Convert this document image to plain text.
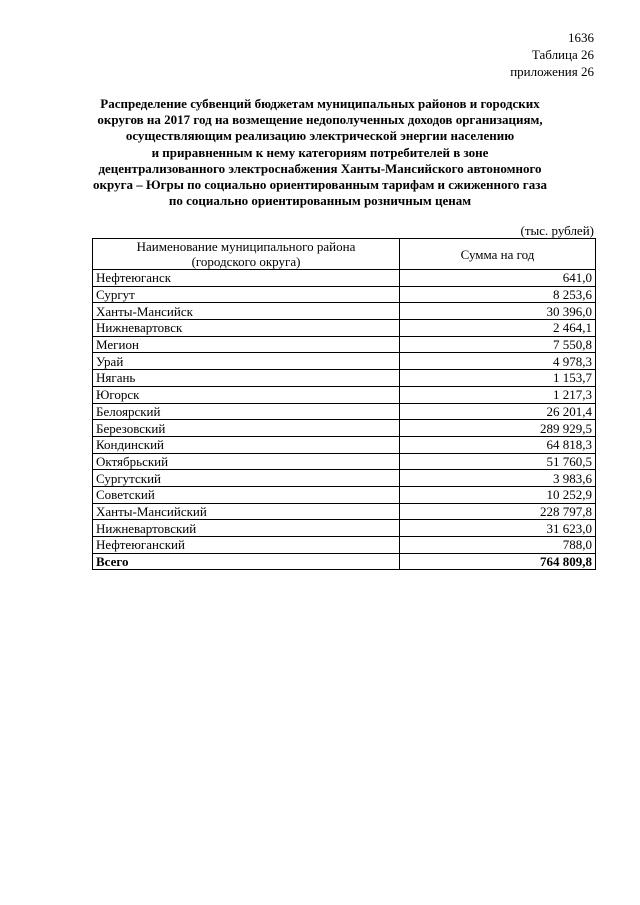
1636
Таблица 26
приложения 26
Распределение субвенций бюджетам муниципальных районов и городских
округов на 2017 год на возмещение недополученных доходов организациям,
осуществляющим реализацию электрической энергии населению
и приравненным к нему категориям потребителей в зоне
децентрализованного электроснабжения Ханты-Мансийского автономного
округа – Югры по социально ориентированным тарифам и сжиженного газа
по социально ориентированным розничным ценам
(тыс. рублей)
Наименование муниципального района
(городского округа)	Сумма на год
Нефтеюганск	641,0
Сургут	8 253,6
Ханты-Мансийск	30 396,0
Нижневартовск	2 464,1
Мегион	7 550,8
Урай	4 978,3
Нягань	1 153,7
Югорск	1 217,3
Белоярский	26 201,4
Березовский	289 929,5
Кондинский	64 818,3
Октябрьский	51 760,5
Сургутский	3 983,6
Советский	10 252,9
Ханты-Мансийский	228 797,8
Нижневартовский	31 623,0
Нефтеюганский	788,0
Всего	764 809,8
